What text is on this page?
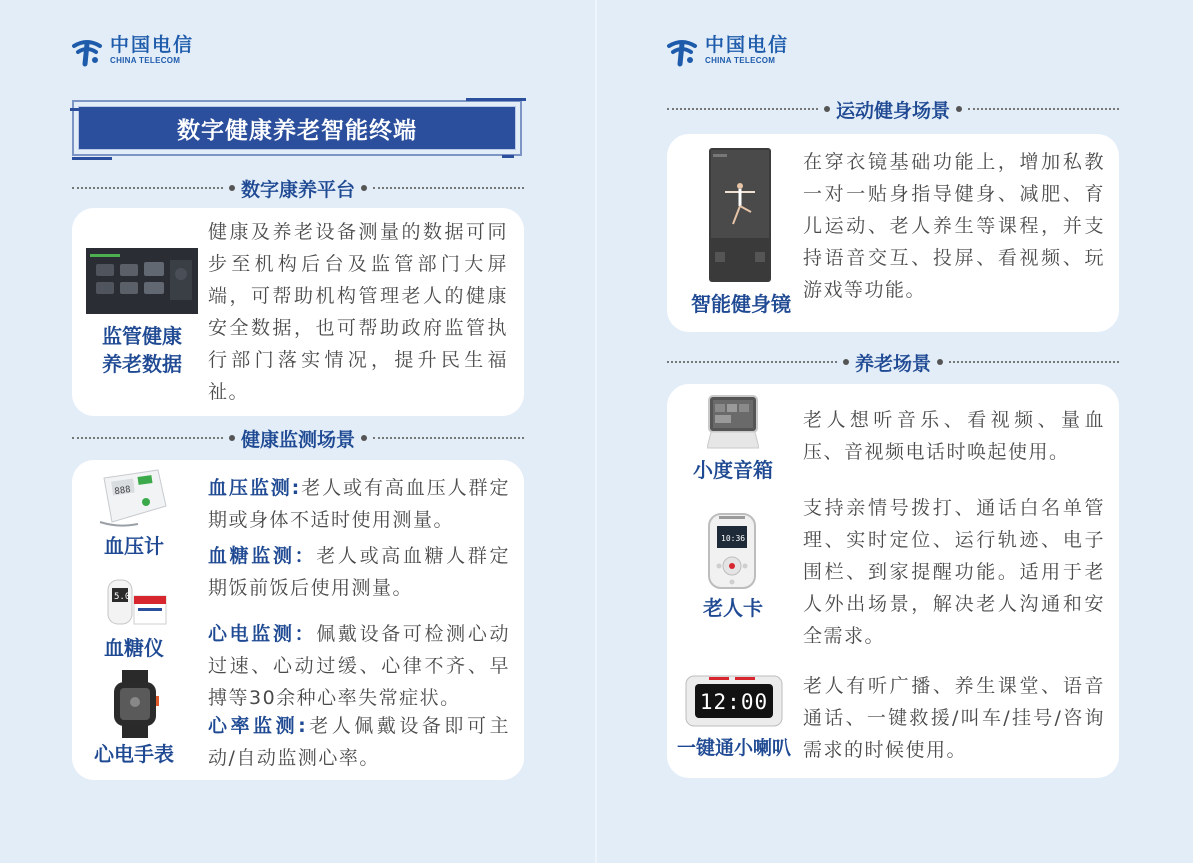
中国电信
CHINA TELECOM
数字健康养老智能终端
数字康养平台
监管健康
养老数据
健康及养老设备测量的数据可同步至机构后台及监管部门大屏端，可帮助机构管理老人的健康安全数据，也可帮助政府监管执行部门落实情况，提升民生福祉。
健康监测场景
888
血压计
5.0
血糖仪
心电手表
血压监测:老人或有高血压人群定期或身体不适时使用测量。
血糖监测：老人或高血糖人群定期饭前饭后使用测量。
心电监测：佩戴设备可检测心动过速、心动过缓、心律不齐、早搏等30余种心率失常症状。
心率监测:老人佩戴设备即可主动/自动监测心率。
中国电信
CHINA TELECOM
运动健身场景
智能健身镜
在穿衣镜基础功能上，增加私教一对一贴身指导健身、减肥、育儿运动、老人养生等课程，并支持语音交互、投屏、看视频、玩游戏等功能。
养老场景
小度音箱
老人想听音乐、看视频、量血压、音视频电话时唤起使用。
10:36
老人卡
支持亲情号拨打、通话白名单管理、实时定位、运行轨迹、电子围栏、到家提醒功能。适用于老人外出场景，解决老人沟通和安全需求。
12:00
一键通小喇叭
老人有听广播、养生课堂、语音通话、一键救援/叫车/挂号/咨询需求的时候使用。
